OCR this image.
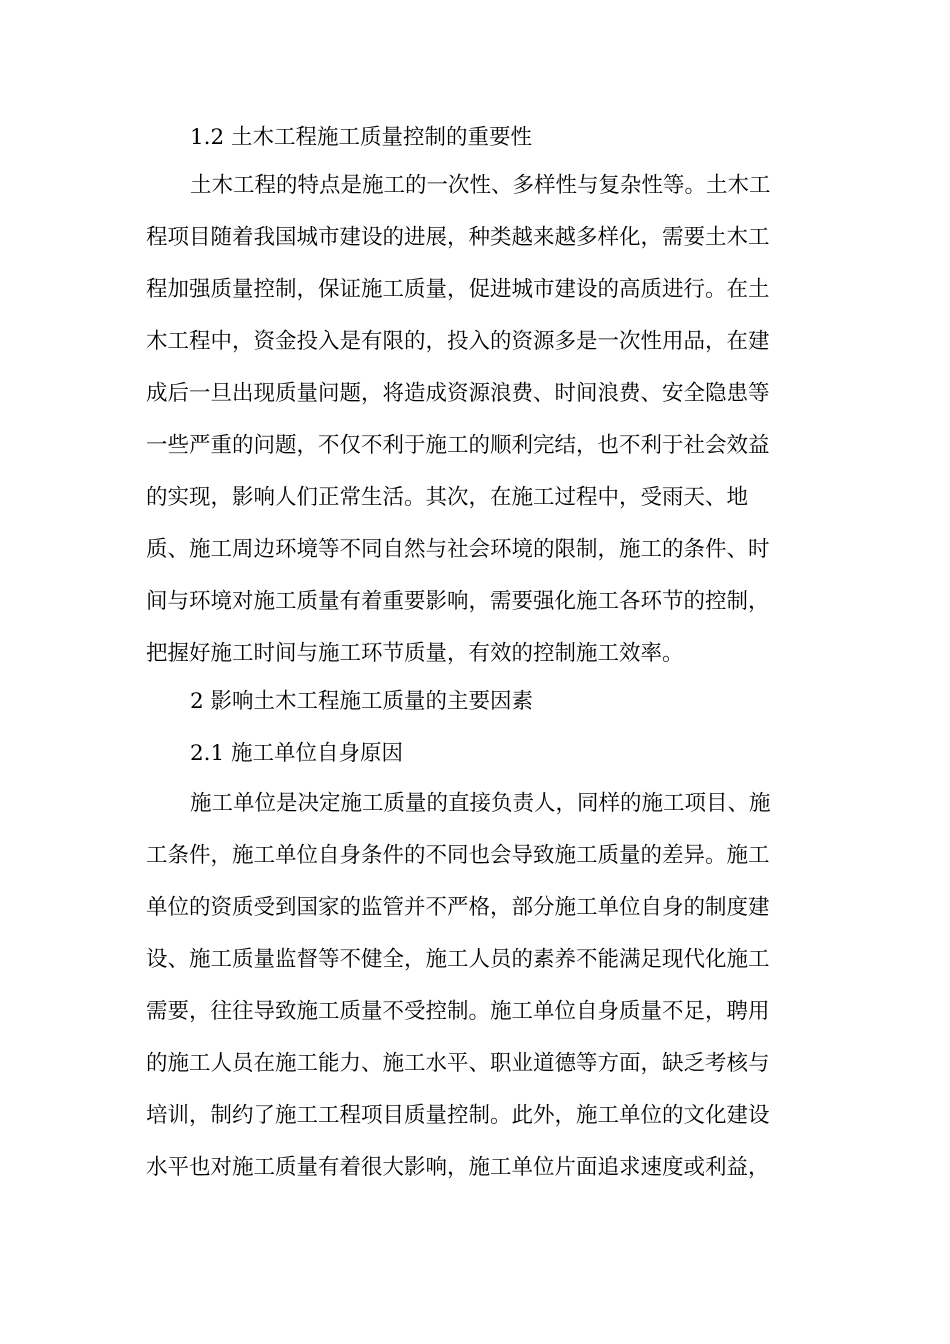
1.2 土木工程施工质量控制的重要性
土木工程的特点是施工的一次性、多样性与复杂性等。土木工
程项目随着我国城市建设的进展，种类越来越多样化，需要土木工
程加强质量控制，保证施工质量，促进城市建设的高质进行。在土
木工程中，资金投入是有限的，投入的资源多是一次性用品，在建
成后一旦出现质量问题，将造成资源浪费、时间浪费、安全隐患等
一些严重的问题，不仅不利于施工的顺利完结，也不利于社会效益
的实现，影响人们正常生活。其次，在施工过程中，受雨天、地
质、施工周边环境等不同自然与社会环境的限制，施工的条件、时
间与环境对施工质量有着重要影响，需要强化施工各环节的控制，
把握好施工时间与施工环节质量，有效的控制施工效率。
2 影响土木工程施工质量的主要因素
2.1 施工单位自身原因
施工单位是决定施工质量的直接负责人，同样的施工项目、施
工条件，施工单位自身条件的不同也会导致施工质量的差异。施工
单位的资质受到国家的监管并不严格，部分施工单位自身的制度建
设、施工质量监督等不健全，施工人员的素养不能满足现代化施工
需要，往往导致施工质量不受控制。施工单位自身质量不足，聘用
的施工人员在施工能力、施工水平、职业道德等方面，缺乏考核与
培训，制约了施工工程项目质量控制。此外，施工单位的文化建设
水平也对施工质量有着很大影响，施工单位片面追求速度或利益，
